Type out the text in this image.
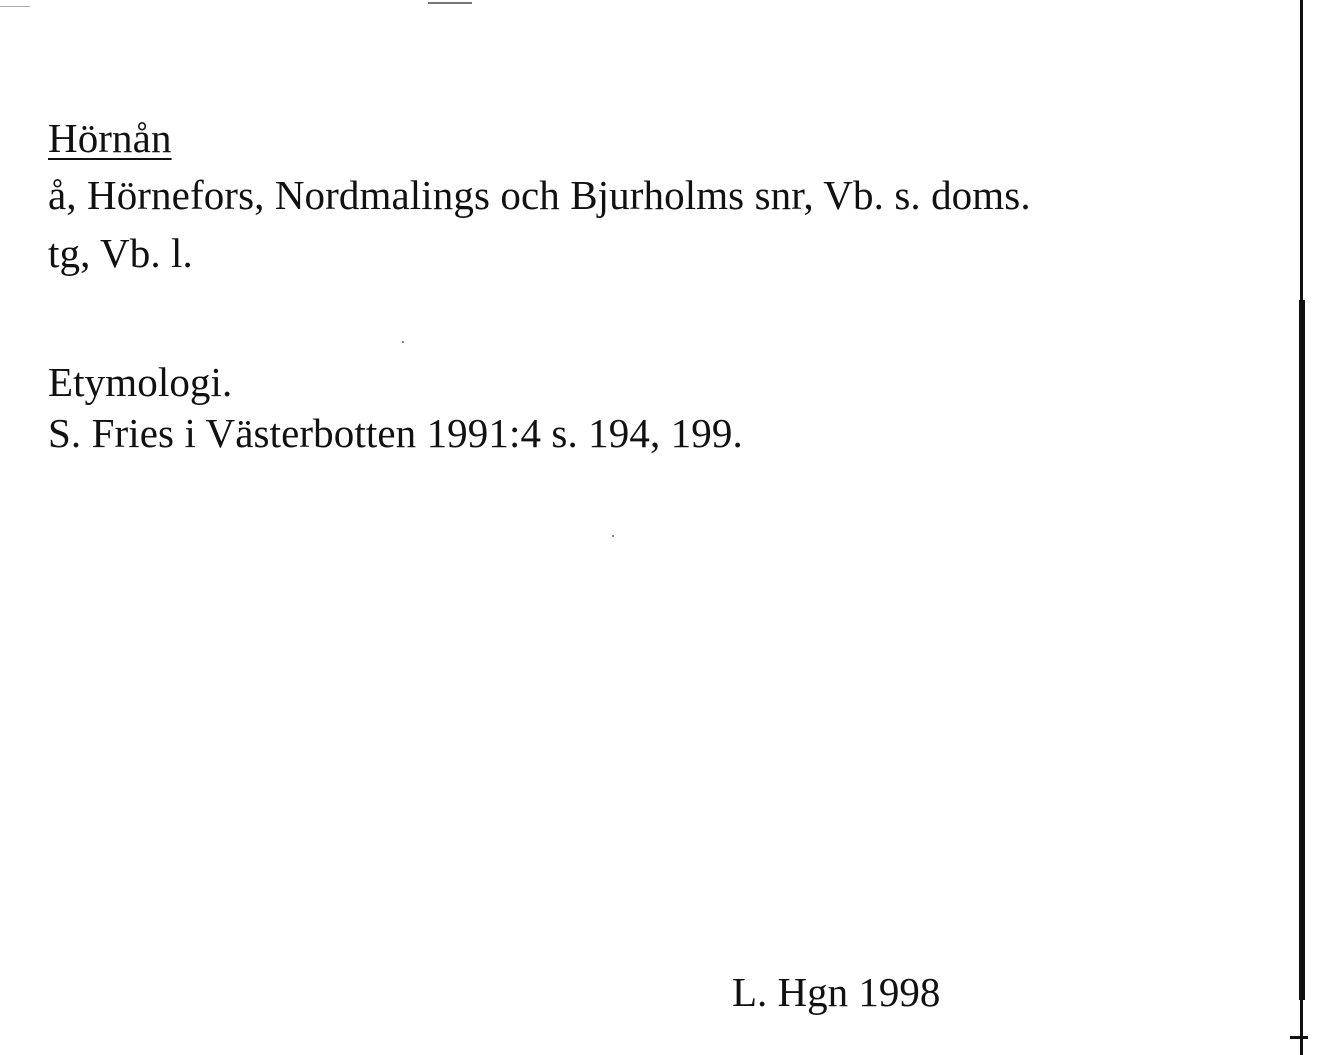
Hörnån
å, Hörnefors, Nordmalings och Bjurholms snr, Vb. s. doms.
tg, Vb. l.
Etymologi.
S. Fries i Västerbotten 1991:4 s. 194, 199.
L. Hgn 1998
